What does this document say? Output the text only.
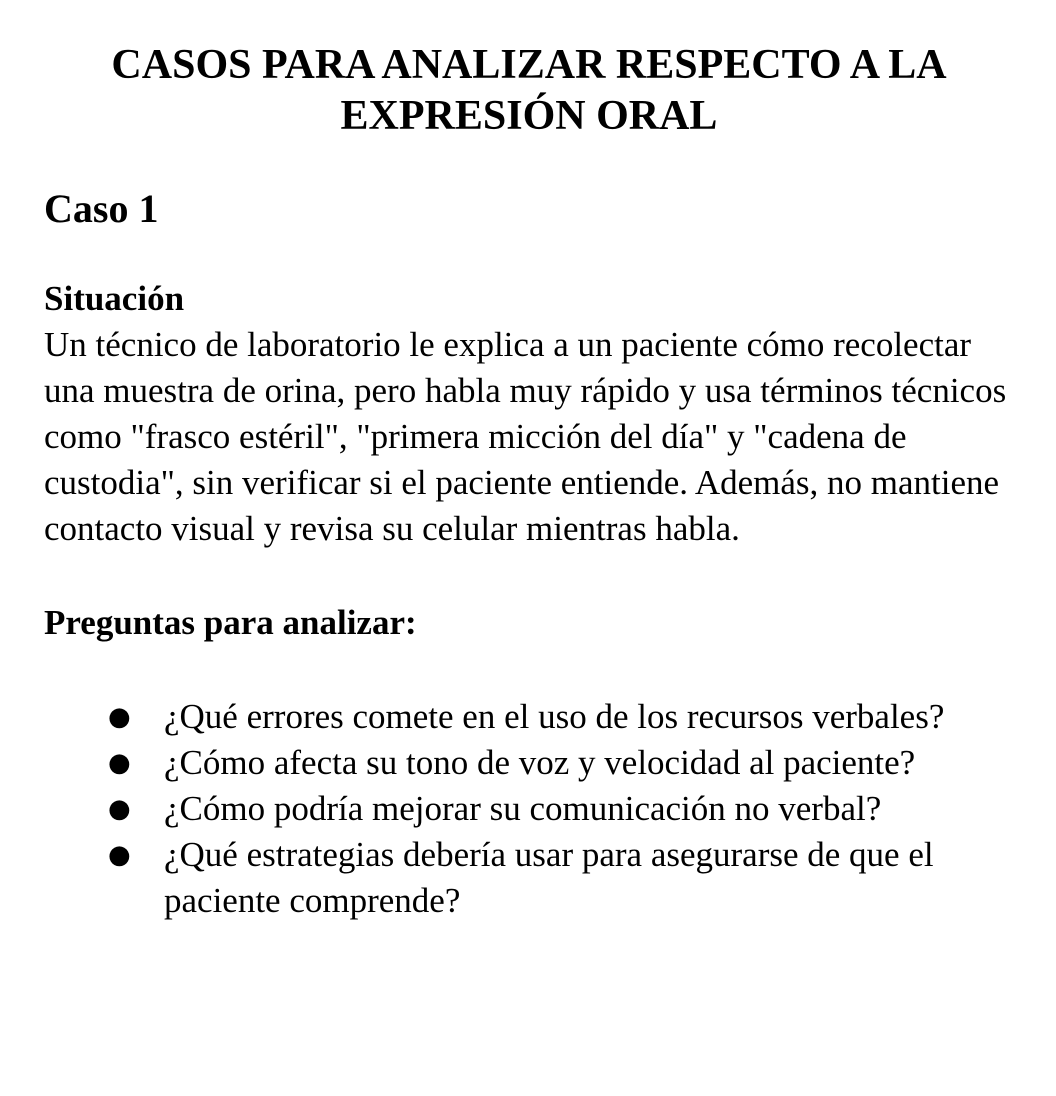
CASOS PARA ANALIZAR RESPECTO A LA
EXPRESIÓN ORAL
Caso 1
Situación

Un técnico de laboratorio le explica a un paciente cómo recolectar una muestra de orina, pero habla muy rápido y usa términos técnicos como "frasco estéril", "primera micción del día" y "cadena de custodia", sin verificar si el paciente entiende. Además, no mantiene contacto visual y revisa su celular mientras habla.

Preguntas para analizar:
● ¿Qué errores comete en el uso de los recursos verbales?
● ¿Cómo afecta su tono de voz y velocidad al paciente?
● ¿Cómo podría mejorar su comunicación no verbal?
● ¿Qué estrategias debería usar para asegurarse de que el paciente comprende?
